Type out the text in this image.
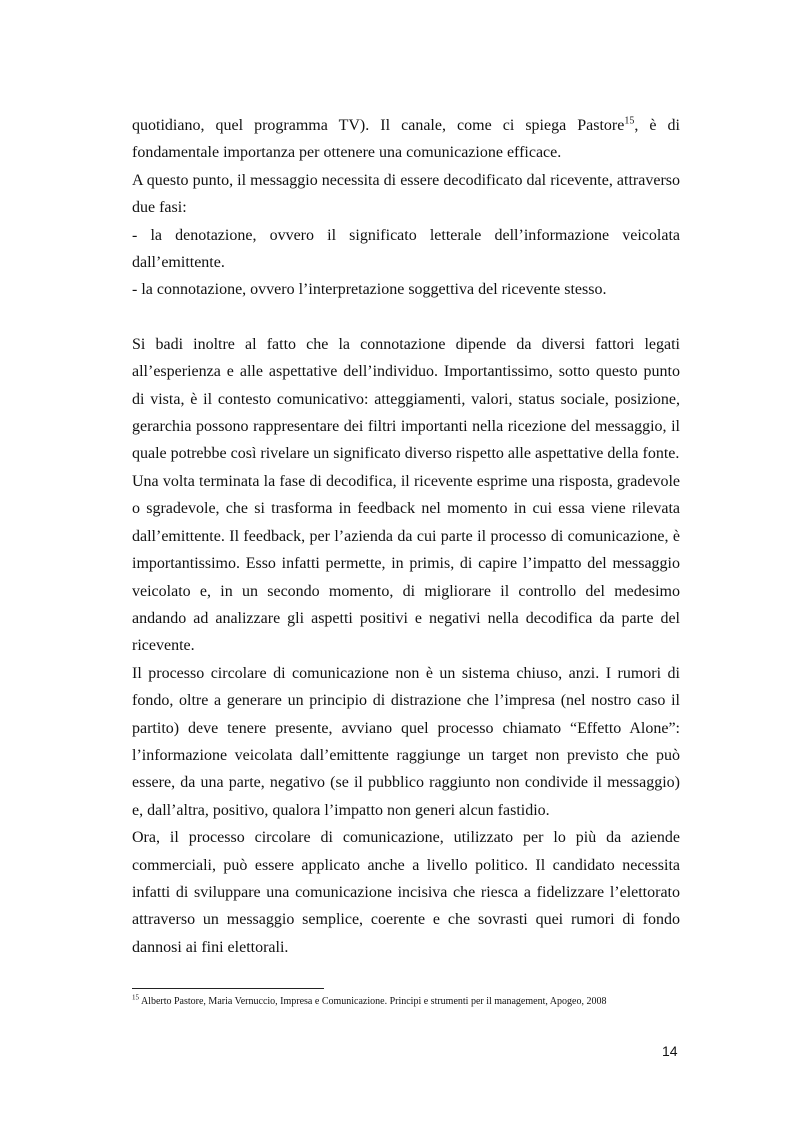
quotidiano, quel programma TV). Il canale, come ci spiega Pastore$^{15}$, è di fondamentale importanza per ottenere una comunicazione efficace.

A questo punto, il messaggio necessita di essere decodificato dal ricevente, attraverso due fasi:

- la denotazione, ovvero il significato letterale dell’informazione veicolata dall’emittente.

- la connotazione, ovvero l’interpretazione soggettiva del ricevente stesso.

Si badi inoltre al fatto che la connotazione dipende da diversi fattori legati all’esperienza e alle aspettative dell’individuo. Importantissimo, sotto questo punto di vista, è il contesto comunicativo: atteggiamenti, valori, status sociale, posizione, gerarchia possono rappresentare dei filtri importanti nella ricezione del messaggio, il quale potrebbe così rivelare un significato diverso rispetto alle aspettative della fonte.

Una volta terminata la fase di decodifica, il ricevente esprime una risposta, gradevole o sgradevole, che si trasforma in feedback nel momento in cui essa viene rilevata dall’emittente. Il feedback, per l’azienda da cui parte il processo di comunicazione, è importantissimo. Esso infatti permette, in primis, di capire l’impatto del messaggio veicolato e, in un secondo momento, di migliorare il controllo del medesimo andando ad analizzare gli aspetti positivi e negativi nella decodifica da parte del ricevente.

Il processo circolare di comunicazione non è un sistema chiuso, anzi. I rumori di fondo, oltre a generare un principio di distrazione che l’impresa (nel nostro caso il partito) deve tenere presente, avviano quel processo chiamato “Effetto Alone”: l’informazione veicolata dall’emittente raggiunge un target non previsto che può essere, da una parte, negativo (se il pubblico raggiunto non condivide il messaggio) e, dall’altra, positivo, qualora l’impatto non generi alcun fastidio.

Ora, il processo circolare di comunicazione, utilizzato per lo più da aziende commerciali, può essere applicato anche a livello politico. Il candidato necessita infatti di sviluppare una comunicazione incisiva che riesca a fidelizzare l’elettorato attraverso un messaggio semplice, coerente e che sovrasti quei rumori di fondo dannosi ai fini elettorali.

$^{15}$ Alberto Pastore, Maria Vernuccio, Impresa e Comunicazione. Principi e strumenti per il management, Apogeo, 2008
14
